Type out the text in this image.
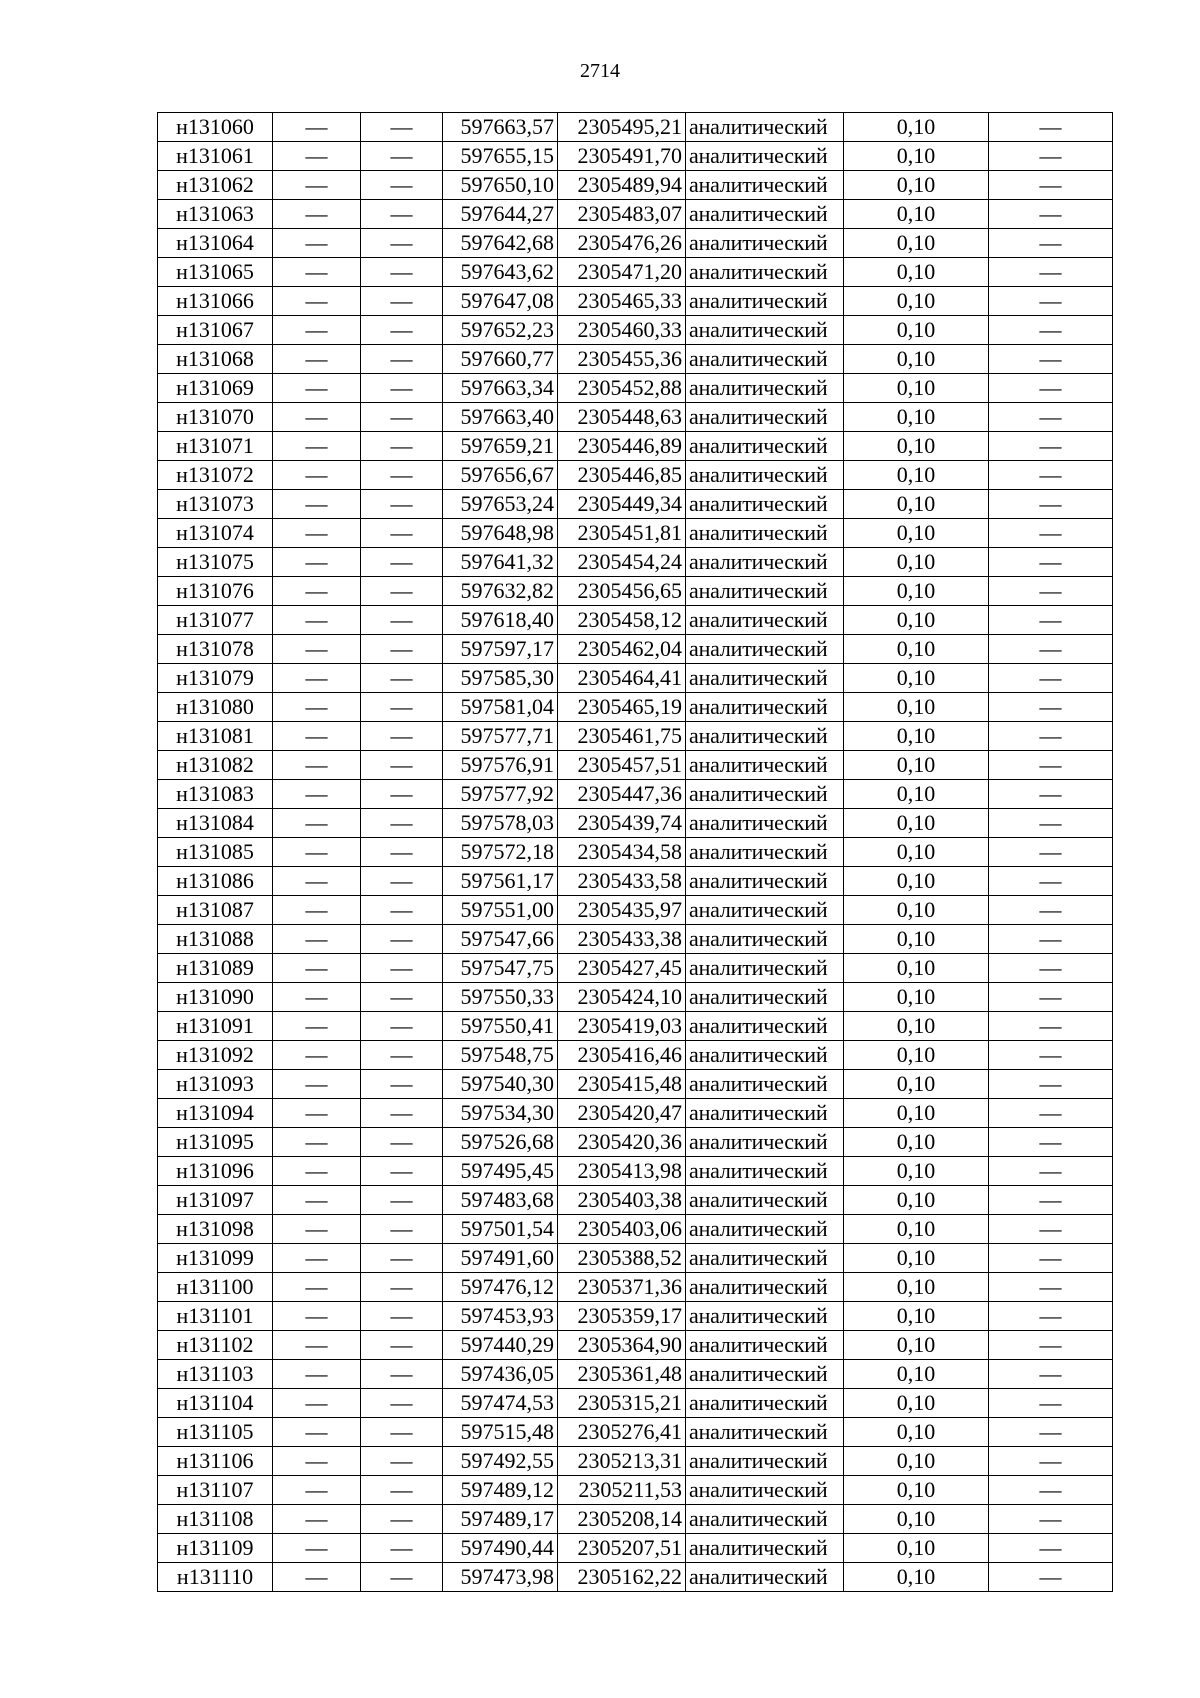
2714
н131060	—	—	597663,57	2305495,21	аналитический	0,10	—
н131061	—	—	597655,15	2305491,70	аналитический	0,10	—
н131062	—	—	597650,10	2305489,94	аналитический	0,10	—
н131063	—	—	597644,27	2305483,07	аналитический	0,10	—
н131064	—	—	597642,68	2305476,26	аналитический	0,10	—
н131065	—	—	597643,62	2305471,20	аналитический	0,10	—
н131066	—	—	597647,08	2305465,33	аналитический	0,10	—
н131067	—	—	597652,23	2305460,33	аналитический	0,10	—
н131068	—	—	597660,77	2305455,36	аналитический	0,10	—
н131069	—	—	597663,34	2305452,88	аналитический	0,10	—
н131070	—	—	597663,40	2305448,63	аналитический	0,10	—
н131071	—	—	597659,21	2305446,89	аналитический	0,10	—
н131072	—	—	597656,67	2305446,85	аналитический	0,10	—
н131073	—	—	597653,24	2305449,34	аналитический	0,10	—
н131074	—	—	597648,98	2305451,81	аналитический	0,10	—
н131075	—	—	597641,32	2305454,24	аналитический	0,10	—
н131076	—	—	597632,82	2305456,65	аналитический	0,10	—
н131077	—	—	597618,40	2305458,12	аналитический	0,10	—
н131078	—	—	597597,17	2305462,04	аналитический	0,10	—
н131079	—	—	597585,30	2305464,41	аналитический	0,10	—
н131080	—	—	597581,04	2305465,19	аналитический	0,10	—
н131081	—	—	597577,71	2305461,75	аналитический	0,10	—
н131082	—	—	597576,91	2305457,51	аналитический	0,10	—
н131083	—	—	597577,92	2305447,36	аналитический	0,10	—
н131084	—	—	597578,03	2305439,74	аналитический	0,10	—
н131085	—	—	597572,18	2305434,58	аналитический	0,10	—
н131086	—	—	597561,17	2305433,58	аналитический	0,10	—
н131087	—	—	597551,00	2305435,97	аналитический	0,10	—
н131088	—	—	597547,66	2305433,38	аналитический	0,10	—
н131089	—	—	597547,75	2305427,45	аналитический	0,10	—
н131090	—	—	597550,33	2305424,10	аналитический	0,10	—
н131091	—	—	597550,41	2305419,03	аналитический	0,10	—
н131092	—	—	597548,75	2305416,46	аналитический	0,10	—
н131093	—	—	597540,30	2305415,48	аналитический	0,10	—
н131094	—	—	597534,30	2305420,47	аналитический	0,10	—
н131095	—	—	597526,68	2305420,36	аналитический	0,10	—
н131096	—	—	597495,45	2305413,98	аналитический	0,10	—
н131097	—	—	597483,68	2305403,38	аналитический	0,10	—
н131098	—	—	597501,54	2305403,06	аналитический	0,10	—
н131099	—	—	597491,60	2305388,52	аналитический	0,10	—
н131100	—	—	597476,12	2305371,36	аналитический	0,10	—
н131101	—	—	597453,93	2305359,17	аналитический	0,10	—
н131102	—	—	597440,29	2305364,90	аналитический	0,10	—
н131103	—	—	597436,05	2305361,48	аналитический	0,10	—
н131104	—	—	597474,53	2305315,21	аналитический	0,10	—
н131105	—	—	597515,48	2305276,41	аналитический	0,10	—
н131106	—	—	597492,55	2305213,31	аналитический	0,10	—
н131107	—	—	597489,12	2305211,53	аналитический	0,10	—
н131108	—	—	597489,17	2305208,14	аналитический	0,10	—
н131109	—	—	597490,44	2305207,51	аналитический	0,10	—
н131110	—	—	597473,98	2305162,22	аналитический	0,10	—
